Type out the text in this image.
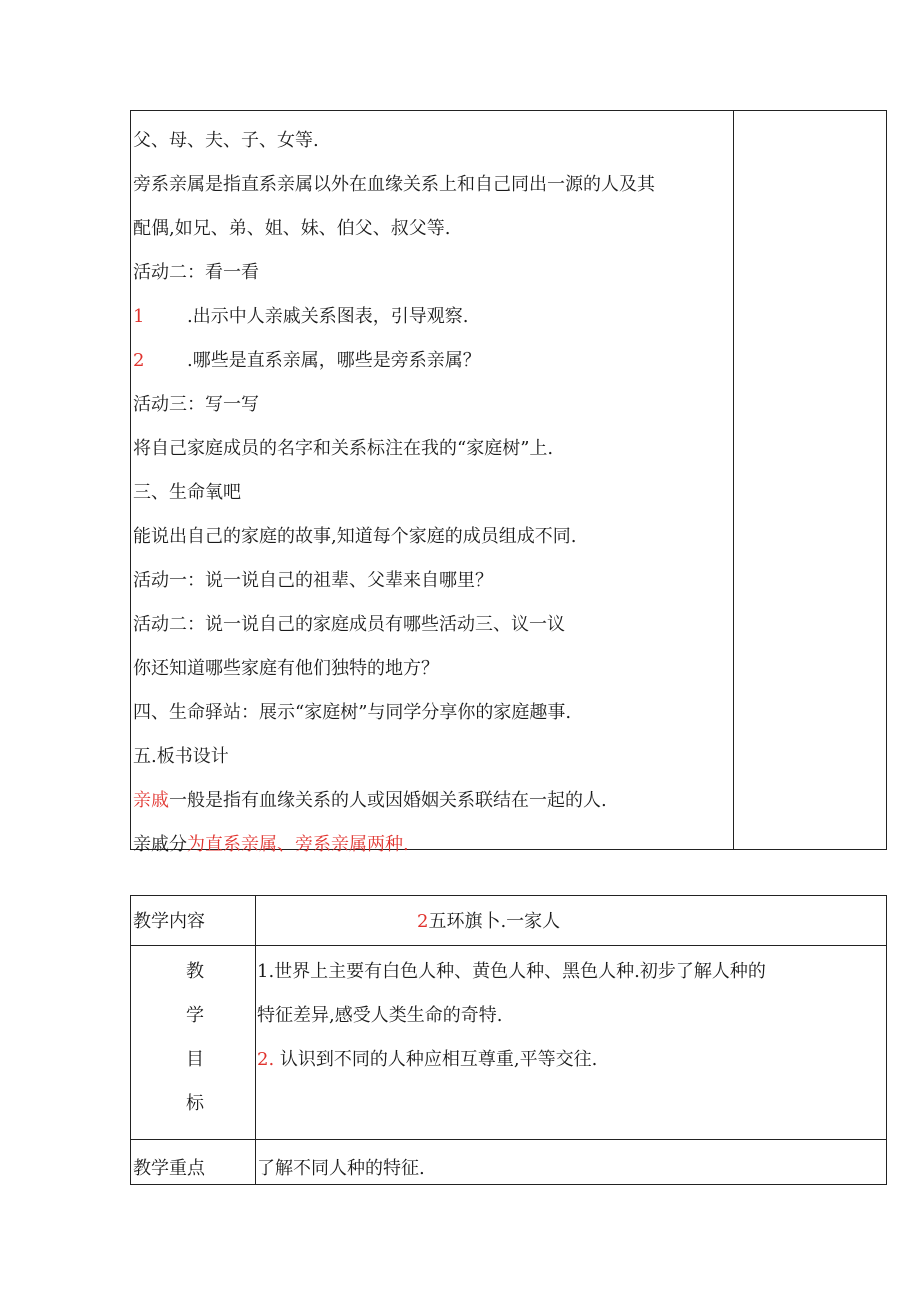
父、母、夫、子、女等.
旁系亲属是指直系亲属以外在血缘关系上和自己同出一源的人及其
配偶,如兄、弟、姐、妹、伯父、叔父等.
活动二：看一看
1 .出示中人亲戚关系图表，引导观察.
2 .哪些是直系亲属，哪些是旁系亲属？
活动三：写一写
将自己家庭成员的名字和关系标注在我的“家庭树”上.
三、生命氧吧
能说出自己的家庭的故事,知道每个家庭的成员组成不同.
活动一：说一说自己的祖辈、父辈来自哪里？
活动二：说一说自己的家庭成员有哪些活动三、议一议
你还知道哪些家庭有他们独特的地方？
四、生命驿站：展示“家庭树”与同学分享你的家庭趣事.
五.板书设计
亲戚一般是指有血缘关系的人或因婚姻关系联结在一起的人.
亲戚分为直系亲属、旁系亲属两种.
教学内容	2五环旗卜.一家人
教
学
目
标
1.世界上主要有白色人种、黄色人种、黑色人种.初步了解人种的
特征差异,感受人类生命的奇特.
2. 认识到不同的人种应相互尊重,平等交往.
教学重点	了解不同人种的特征.
